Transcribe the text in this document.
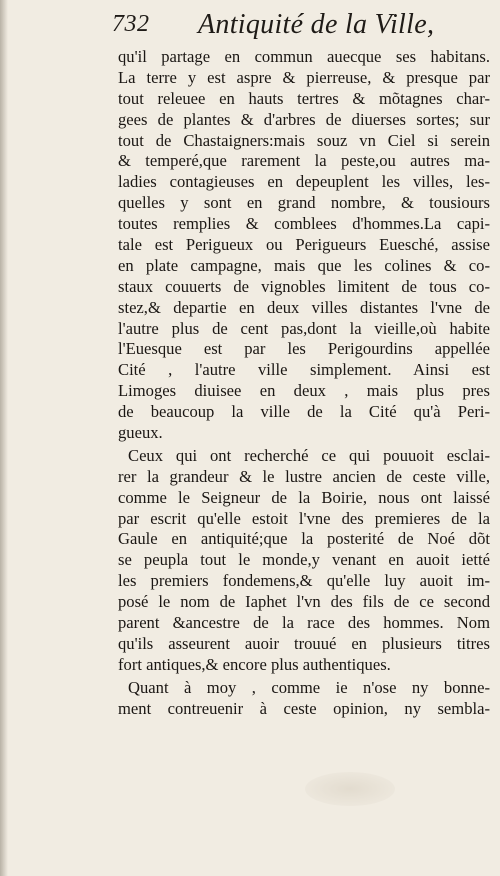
732 Antiquité de la Ville,
qu'il partage en commun auecque ses habitans.
La terre y est aspre & pierreuse, & presque par
tout releuee en hauts tertres & mõtagnes char-
gees de plantes & d'arbres de diuerses sortes; sur
tout de Chastaigners:mais souz vn Ciel si serein
& temperé,que rarement la peste,ou autres ma-
ladies contagieuses en depeuplent les villes, les-
quelles y sont en grand nombre, & tousiours
toutes remplies & comblees d'hommes.La capi-
tale est Perigueux ou Perigueurs Euesché, assise
en plate campagne, mais que les colines & co-
staux couuerts de vignobles limitent de tous co-
stez,& departie en deux villes distantes l'vne de
l'autre plus de cent pas,dont la vieille,où habite
l'Euesque est par les Perigourdins appellée
Cité , l'autre ville simplement. Ainsi est
Limoges diuisee en deux , mais plus pres
de beaucoup la ville de la Cité qu'à Peri-
gueux.
Ceux qui ont recherché ce qui pouuoit esclai-
rer la grandeur & le lustre ancien de ceste ville,
comme le Seigneur de la Boirie, nous ont laissé
par escrit qu'elle estoit l'vne des premieres de la
Gaule en antiquité;que la posterité de Noé dõt
se peupla tout le monde,y venant en auoit ietté
les premiers fondemens,& qu'elle luy auoit im-
posé le nom de Iaphet l'vn des fils de ce second
parent &ancestre de la race des hommes. Nom
qu'ils asseurent auoir trouué en plusieurs titres
fort antiques,& encore plus authentiques.
Quant à moy , comme ie n'ose ny bonne-
ment contreuenir à ceste opinion, ny sembla-
